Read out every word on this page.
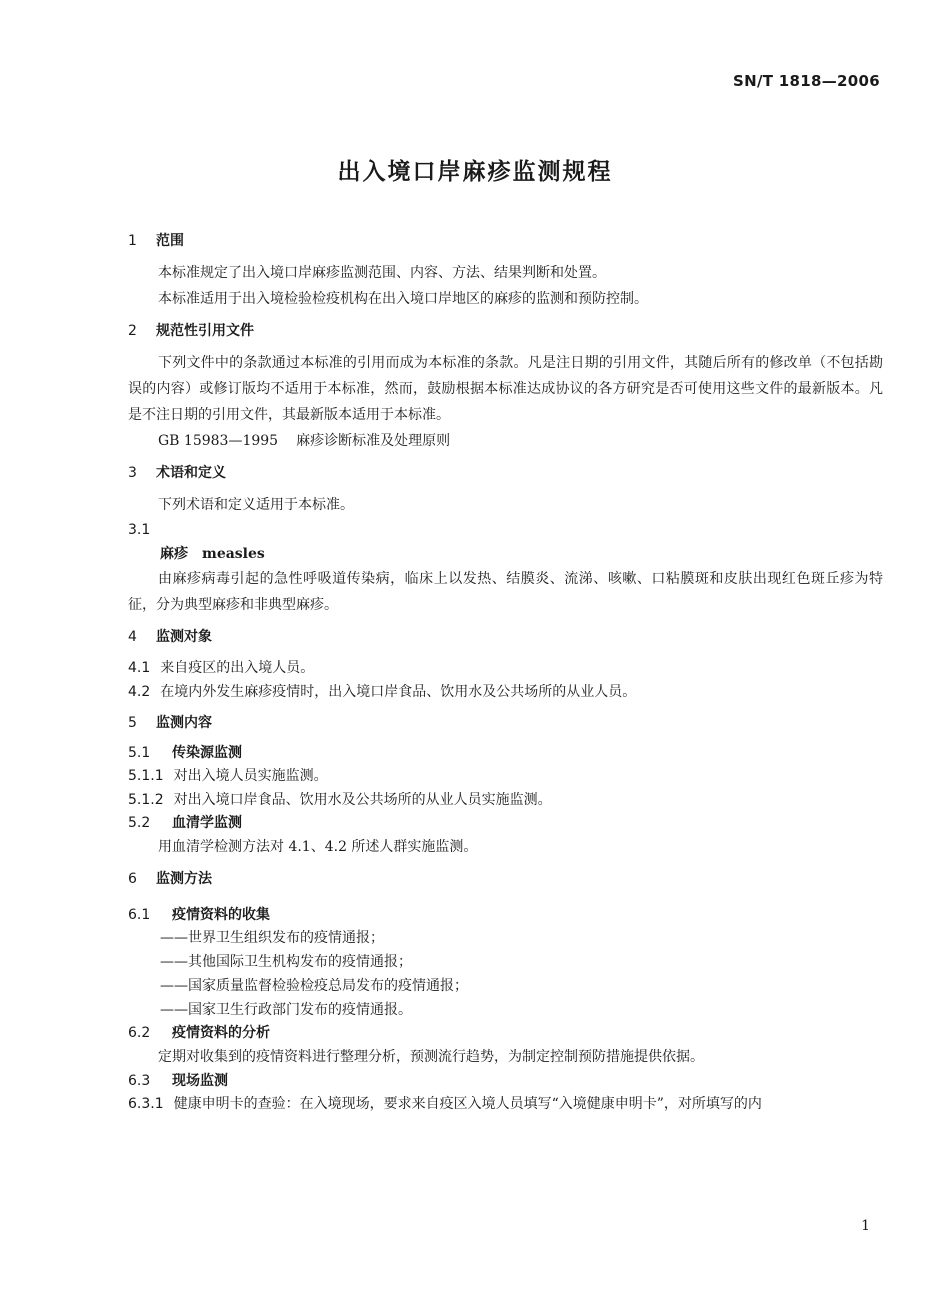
SN/T 1818—2006
出入境口岸麻疹监测规程
1 范围
本标准规定了出入境口岸麻疹监测范围、内容、方法、结果判断和处置。
本标准适用于出入境检验检疫机构在出入境口岸地区的麻疹的监测和预防控制。
2 规范性引用文件
下列文件中的条款通过本标准的引用而成为本标准的条款。凡是注日期的引用文件，其随后所有的修改单（不包括勘误的内容）或修订版均不适用于本标准，然而，鼓励根据本标准达成协议的各方研究是否可使用这些文件的最新版本。凡是不注日期的引用文件，其最新版本适用于本标准。
GB 15983—1995 麻疹诊断标准及处理原则
3 术语和定义
下列术语和定义适用于本标准。
3.1
麻疹 measles
由麻疹病毒引起的急性呼吸道传染病，临床上以发热、结膜炎、流涕、咳嗽、口粘膜斑和皮肤出现红色斑丘疹为特征，分为典型麻疹和非典型麻疹。
4 监测对象
4.1 来自疫区的出入境人员。
4.2 在境内外发生麻疹疫情时，出入境口岸食品、饮用水及公共场所的从业人员。
5 监测内容
5.1 传染源监测
5.1.1 对出入境人员实施监测。
5.1.2 对出入境口岸食品、饮用水及公共场所的从业人员实施监测。
5.2 血清学监测
用血清学检测方法对 4.1、4.2 所述人群实施监测。
6 监测方法
6.1 疫情资料的收集
——世界卫生组织发布的疫情通报；
——其他国际卫生机构发布的疫情通报；
——国家质量监督检验检疫总局发布的疫情通报；
——国家卫生行政部门发布的疫情通报。
6.2 疫情资料的分析
定期对收集到的疫情资料进行整理分析，预测流行趋势，为制定控制预防措施提供依据。
6.3 现场监测
6.3.1 健康申明卡的查验：在入境现场，要求来自疫区入境人员填写“入境健康申明卡”，对所填写的内
1
